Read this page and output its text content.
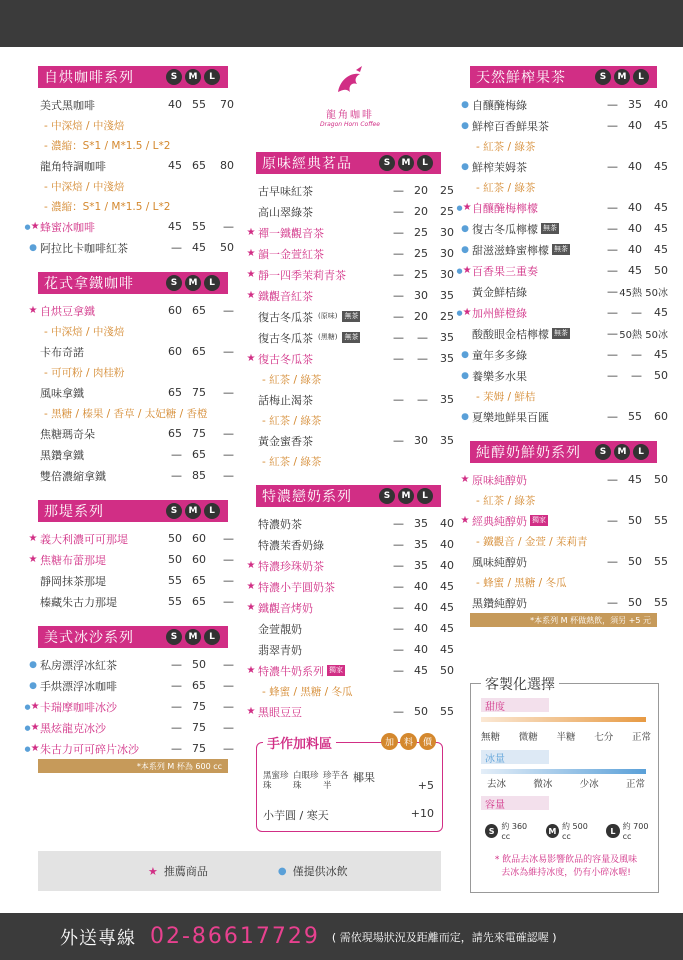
自烘咖啡系列	S	M	L
美式黑咖啡	40 55	70
- 中深焙 / 中淺焙
- 濃縮：S*1 / M*1.5 / L*2
龍角特調咖啡	45 65	80
- 中深焙 / 中淺焙
- 濃縮：S*1 / M*1.5 / L*2
●★ 蜂蜜冰咖啡	45 55	—
● 阿拉比卡咖啡紅茶	— 45	50
花式拿鐵咖啡	S	M	L
★ 自烘豆拿鐵	60 65	—
- 中深焙 / 中淺焙
卡布奇諾	60 65	—
- 可可粉 / 肉桂粉
風味拿鐵	65 75	—
- 黑糖 / 榛果 / 香草 / 太妃糖 / 香橙
焦糖瑪奇朵	65 75	—
黑鑽拿鐵	— 65	—
雙倍濃縮拿鐵	— 85	—
那堤系列	S	M	L
★ 義大利濃可可那堤	50 60	—
★ 焦糖布蕾那堤	50 60	—
靜岡抹茶那堤	55 65	—
榛藏朱古力那堤	55 65	—
美式冰沙系列	S	M	L
● 私房漂浮冰紅茶	— 50	—
● 手烘漂浮冰咖啡	— 65	—
●★ 卡瑞摩咖啡冰沙	— 75	—
●★ 黑炫龍克冰沙	— 75	—
●★ 朱古力可可碎片冰沙	— 75	—
*本系列 M 杯為 600 cc
原味經典茗品	S	M	L
古早味紅茶	— 20	25
高山翠綠茶	— 20	25
★ 禪一鐵觀音茶	— 25	30
★ 韻一金萱紅茶	— 25	30
★ 靜一四季茉莉青茶	— 25	30
★ 鐵觀音紅茶	— 30	35
復古冬瓜茶 (原味) 無茶	— 20	25
復古冬瓜茶 (黑糖) 無茶	—	—	35
★ 復古冬瓜茶	—	—	35
- 紅茶 / 綠茶
話梅止渴茶	—	—	35
- 紅茶 / 綠茶
黃金蜜香茶	— 30	35
- 紅茶 / 綠茶
特濃戀奶系列	S	M	L
特濃奶茶	— 35	40
特濃茉香奶綠	— 35	40
★ 特濃珍珠奶茶	— 35	40
★ 特濃小芋圓奶茶	— 40	45
★ 鐵觀音烤奶	— 40	45
金萱靚奶	— 40	45
翡翠青奶	— 40	45
★ 特濃牛奶系列 獨家	— 45	50
- 蜂蜜 / 黑糖 / 冬瓜
★ 黑眼豆豆	— 50	55
天然鮮榨果茶	S	M	L
● 自釀醃梅綠	— 35	40
● 鮮榨百香鮮果茶	— 40	45
- 紅茶 / 綠茶
● 鮮榨茉姆茶	— 40	45
- 紅茶 / 綠茶
●★ 自釀醃梅檸檬	— 40	45
● 復古冬瓜檸檬 無茶	— 40	45
● 甜滋滋蜂蜜檸檬 無茶	— 40	45
●★ 百香果三重奏	— 45	50
黃金鮮桔綠	— 45熱 50冰
●★ 加州鮮橙綠	—	—	45
酸酸眼金桔檸檬 無茶	— 50熱 50冰
● 童年多多綠	—	—	45
● 養樂多水果	—	—	50
- 茉姆 / 鮮桔
● 夏樂地鮮果百匯	— 55	60
純醇奶鮮奶系列	S	M	L
★ 原味純醇奶	— 45	50
- 紅茶 / 綠茶
★ 經典純醇奶 獨家	— 50	55
- 鐵觀音 / 金萱 / 茉莉青
風味純醇奶	— 50	55
- 蜂蜜 / 黑糖 / 冬瓜
黑鑽純醇奶	— 50	55
*本系列 M 杯做熱飲，須另 +5 元
龍角咖啡
Dragon Horn Coffee
手作加料區	加	料	價
黑蜜珍珠
白眼珍珠
珍芋各半
椰果
+5
小芋圓 / 寒天	+10
客製化選擇
甜度
無糖 微糖 半糖 七分 正常
冰量
去冰	微冰	少冰	正常
容量
S 約 360 cc
M 約 500 cc
L 約 700 cc
* 飲品去冰易影響飲品的容量及風味
去冰為維持冰度，仍有小碎冰喔!
★ 推薦商品	● 僅提供冰飲
外送專線 02-86617729 ( 需依現場狀況及距離而定，請先來電確認喔 )
